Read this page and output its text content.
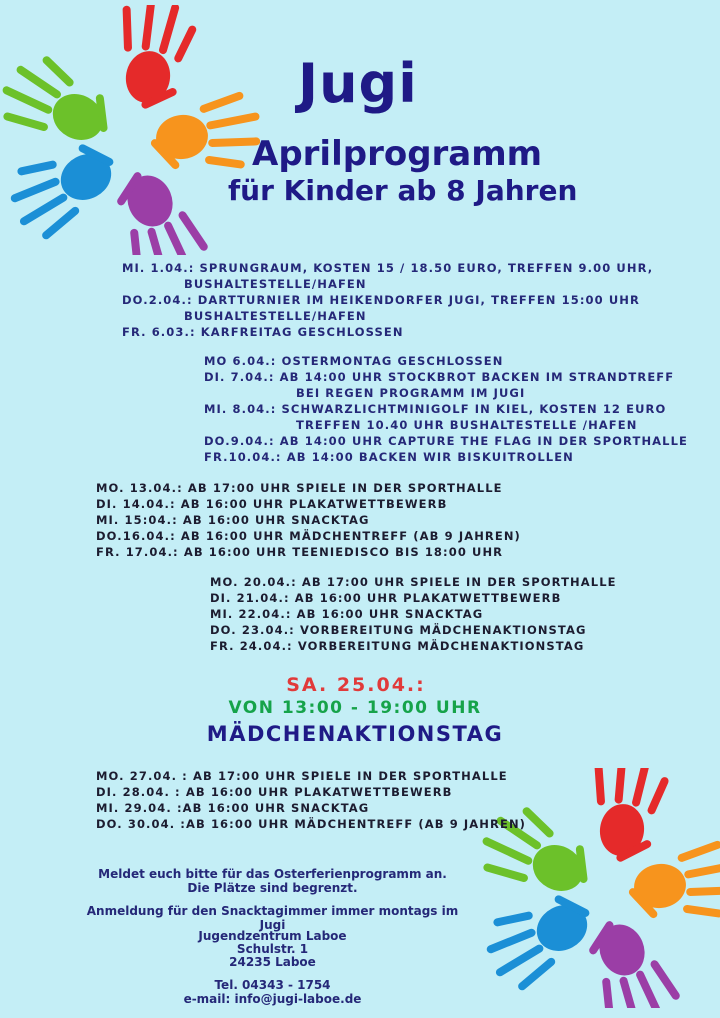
Jugi
Aprilprogramm
für Kinder ab 8 Jahren
MI. 1.04.: SPRUNGRAUM, KOSTEN 15 / 18.50 EURO, TREFFEN 9.00 UHR,
BUSHALTESTELLE/HAFEN
DO.2.04.: DARTTURNIER IM HEIKENDORFER JUGI, TREFFEN 15:00 UHR
BUSHALTESTELLE/HAFEN
FR. 6.03.: KARFREITAG GESCHLOSSEN
MO 6.04.: OSTERMONTAG GESCHLOSSEN
DI. 7.04.: AB 14:00 UHR STOCKBROT BACKEN IM STRANDTREFF
BEI REGEN PROGRAMM IM JUGI
MI. 8.04.: SCHWARZLICHTMINIGOLF IN KIEL, KOSTEN 12 EURO
TREFFEN 10.40 UHR BUSHALTESTELLE /HAFEN
DO.9.04.: AB 14:00 UHR CAPTURE THE FLAG IN DER SPORTHALLE
FR.10.04.: AB 14:00 BACKEN WIR BISKUITROLLEN
MO. 13.04.: AB 17:00 UHR SPIELE IN DER SPORTHALLE
DI. 14.04.: AB 16:00 UHR PLAKATWETTBEWERB
MI. 15:04.: AB 16:00 UHR SNACKTAG
DO.16.04.: AB 16:00 UHR MÄDCHENTREFF (AB 9 JAHREN)
FR. 17.04.: AB 16:00 UHR TEENIEDISCO BIS 18:00 UHR
MO. 20.04.: AB 17:00 UHR SPIELE IN DER SPORTHALLE
DI. 21.04.: AB 16:00 UHR PLAKATWETTBEWERB
MI. 22.04.: AB 16:00 UHR SNACKTAG
DO. 23.04.: VORBEREITUNG MÄDCHENAKTIONSTAG
FR. 24.04.: VORBEREITUNG MÄDCHENAKTIONSTAG
MO. 27.04. : AB 17:00 UHR SPIELE IN DER SPORTHALLE
DI. 28.04. : AB 16:00 UHR PLAKATWETTBEWERB
MI. 29.04. :AB 16:00 UHR SNACKTAG
DO. 30.04. :AB 16:00 UHR MÄDCHENTREFF (AB 9 JAHREN)
SA. 25.04.:
VON 13:00 - 19:00 UHR
MÄDCHENAKTIONSTAG
Meldet euch bitte für das Osterferienprogramm an.
Die Plätze sind begrenzt.
Anmeldung für den Snacktagimmer immer montags im Jugi
Jugendzentrum Laboe
Schulstr. 1
24235 Laboe
Tel. 04343 - 1754
e-mail: info@jugi-laboe.de
